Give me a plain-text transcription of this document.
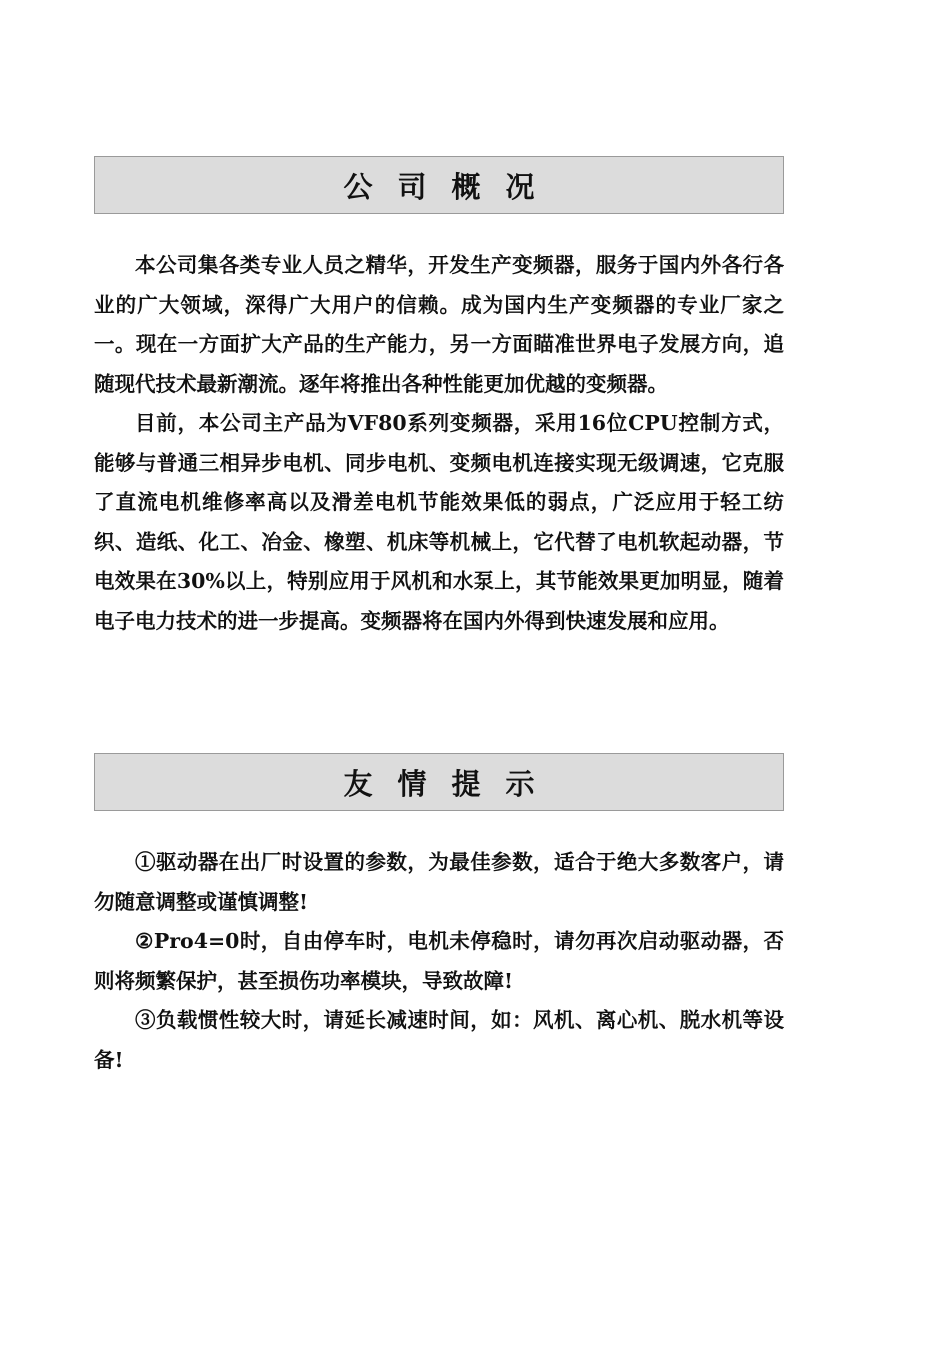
公司概况

本公司集各类专业人员之精华，开发生产变频器，服务于国内外各行各业的广大领域，深得广大用户的信赖。成为国内生产变频器的专业厂家之一。现在一方面扩大产品的生产能力，另一方面瞄准世界电子发展方向，追随现代技术最新潮流。逐年将推出各种性能更加优越的变频器。

目前，本公司主产品为VF80系列变频器，采用16位CPU控制方式，能够与普通三相异步电机、同步电机、变频电机连接实现无级调速，它克服了直流电机维修率高以及滑差电机节能效果低的弱点，广泛应用于轻工纺织、造纸、化工、冶金、橡塑、机床等机械上，它代替了电机软起动器，节电效果在30%以上，特别应用于风机和水泵上，其节能效果更加明显，随着电子电力技术的进一步提高。变频器将在国内外得到快速发展和应用。

友情提示

①驱动器在出厂时设置的参数，为最佳参数，适合于绝大多数客户，请勿随意调整或谨慎调整!

②Pro4=0时，自由停车时，电机未停稳时，请勿再次启动驱动器，否则将频繁保护，甚至损伤功率模块，导致故障!

③负载惯性较大时，请延长减速时间，如：风机、离心机、脱水机等设备!
